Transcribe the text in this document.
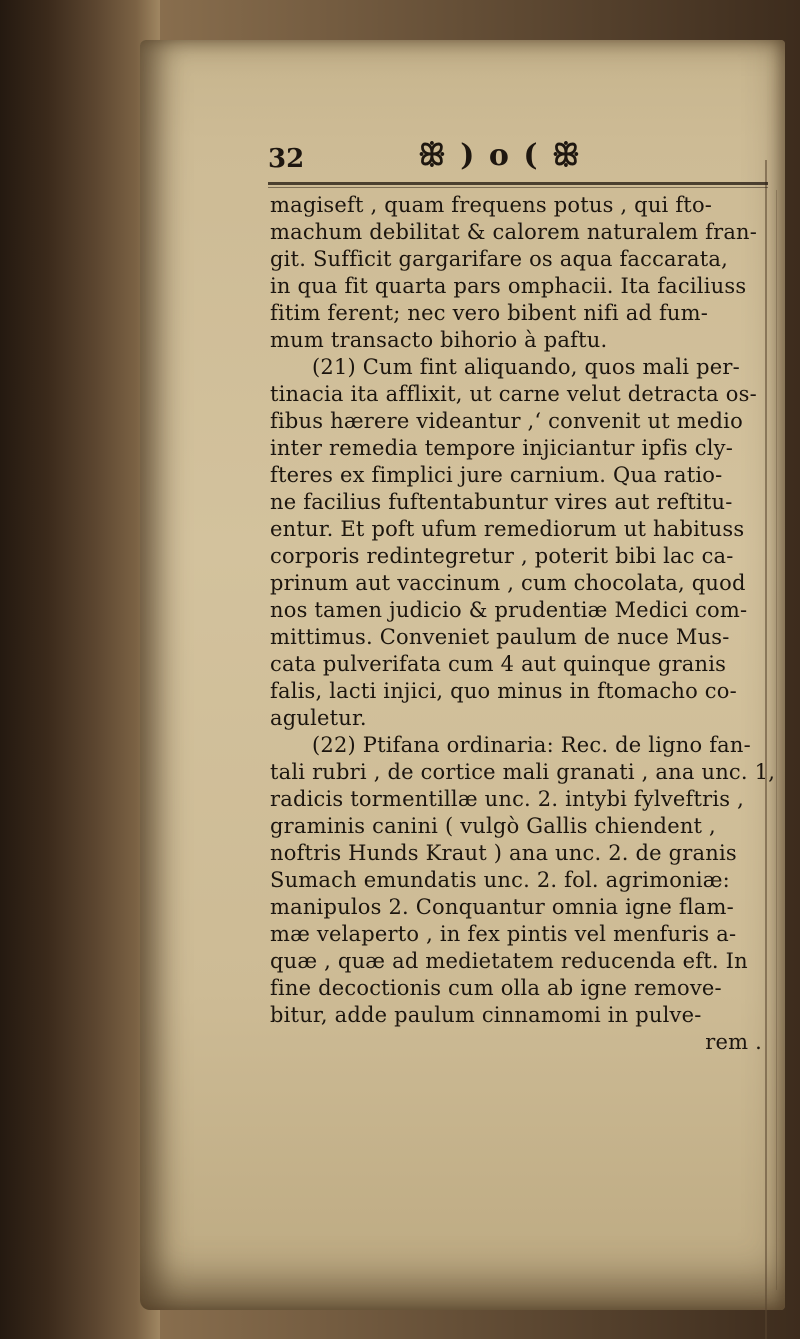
32	ꕥ ) o ( ꕥ
magiseft , quam frequens potus , qui fto-
machum debilitat & calorem naturalem fran-
git. Sufficit gargarifare os aqua faccarata,
in qua fit quarta pars omphacii. Ita faciliuss
fitim ferent; nec vero bibent nifi ad fum-
mum transacto bihorio à paftu.
(21) Cum fint aliquando, quos mali per-
tinacia ita afflixit, ut carne velut detracta os-
fibus hærere videantur ,‘ convenit ut medio
inter remedia tempore injiciantur ipfis cly-
fteres ex fimplici jure carnium. Qua ratio-
ne facilius fuftentabuntur vires aut reftitu-
entur. Et poft ufum remediorum ut habituss
corporis redintegretur , poterit bibi lac ca-
prinum aut vaccinum , cum chocolata, quod
nos tamen judicio & prudentiæ Medici com-
mittimus. Conveniet paulum de nuce Mus-
cata pulverifata cum 4 aut quinque granis
falis, lacti injici, quo minus in ftomacho co-
aguletur.
(22) Ptifana ordinaria: Rec. de ligno fan-
tali rubri , de cortice mali granati , ana unc. 1,
radicis tormentillæ unc. 2. intybi fylveftris ,
graminis canini ( vulgò Gallis chiendent ,
noftris Hunds Kraut ) ana unc. 2. de granis
Sumach emundatis unc. 2. fol. agrimoniæ:
manipulos 2. Conquantur omnia igne flam-
mæ velaperto , in fex pintis vel menfuris a-
quæ , quæ ad medietatem reducenda eft. In
fine decoctionis cum olla ab igne remove-
bitur, adde paulum cinnamomi in pulve-
rem .
